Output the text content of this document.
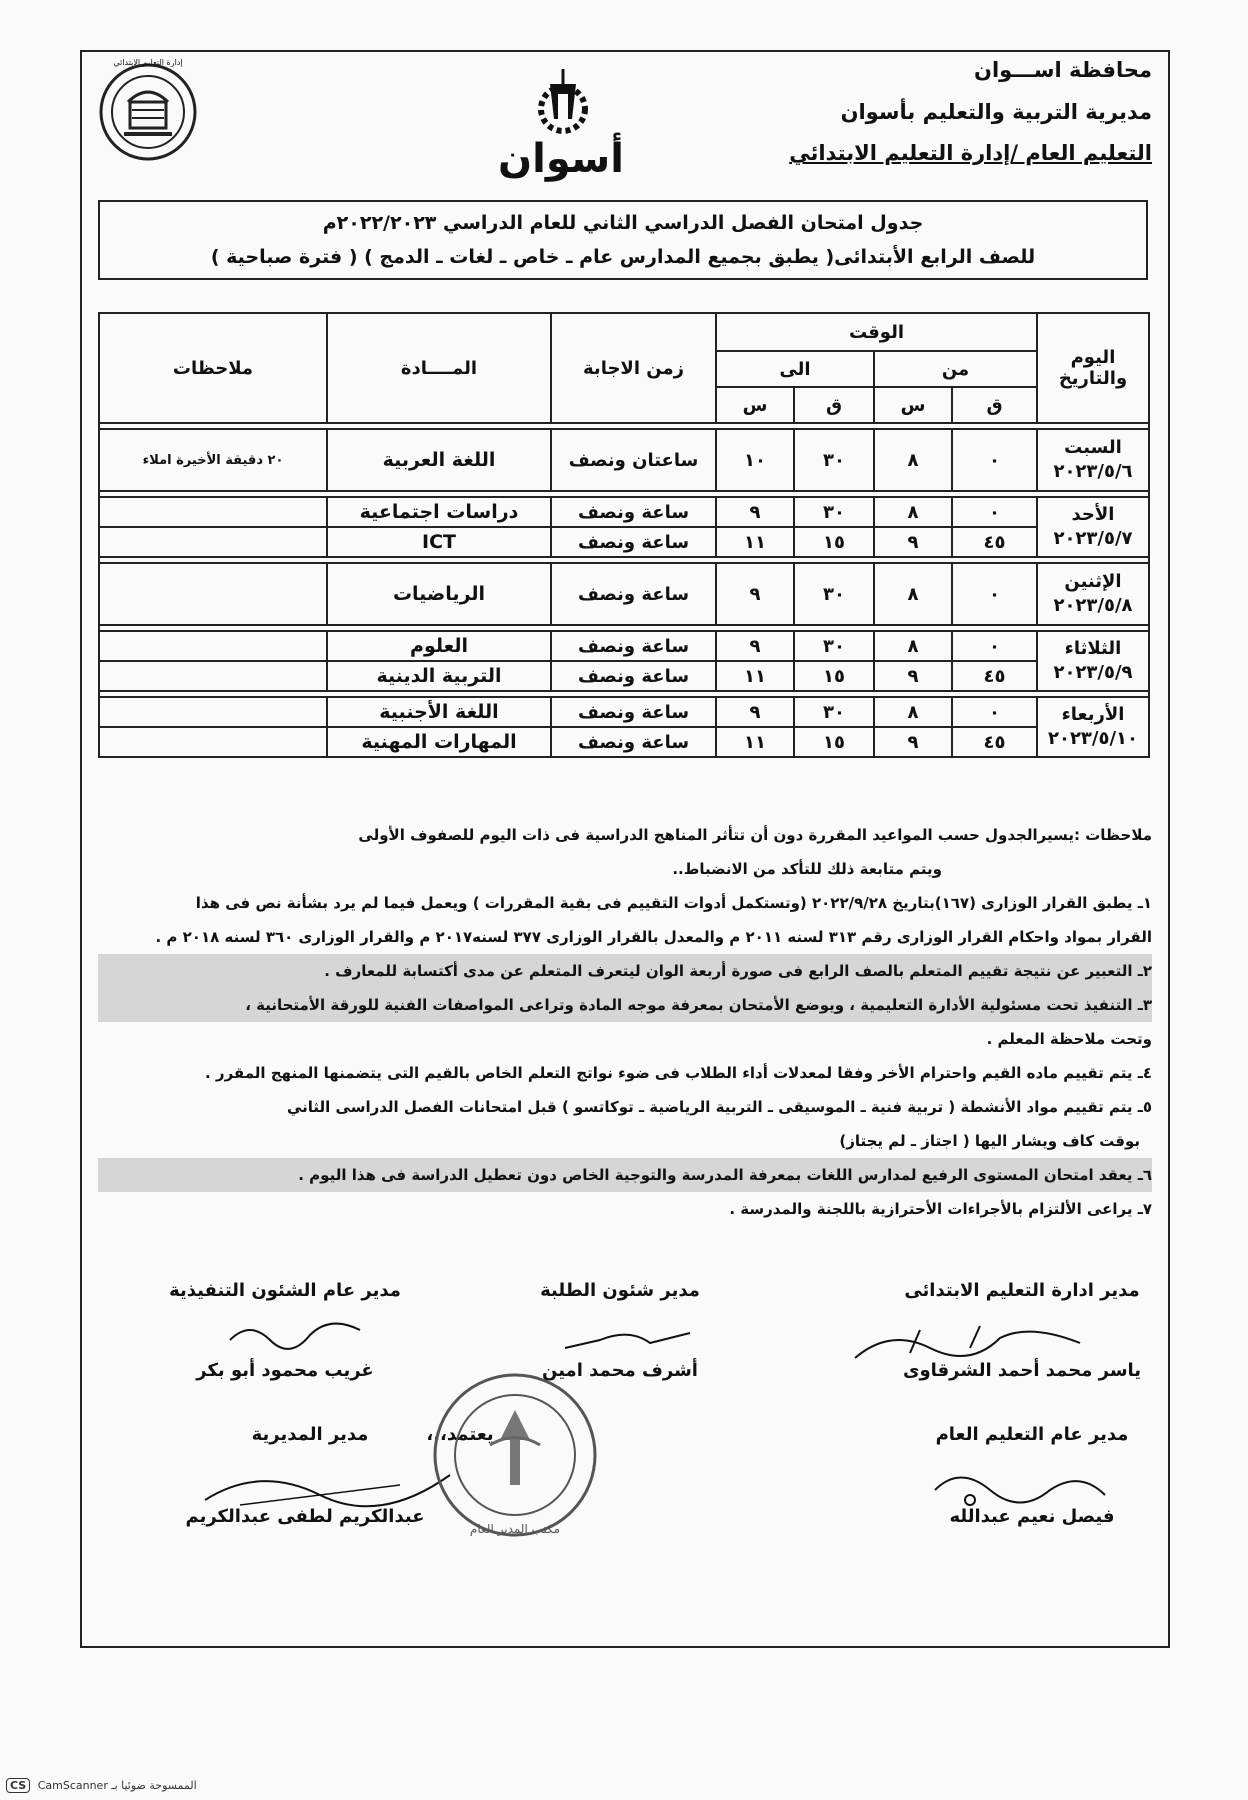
إدارة التعليم الابتدائي
أسوان
محافظة اســـوان
مديرية التربية والتعليم بأسوان
التعليم العام /إدارة التعليم الابتدائي
جدول امتحان الفصل الدراسي الثاني للعام الدراسي ٢٠٢٢/٢٠٢٣م
للصف الرابع الأبتدائى( يطبق بجميع المدارس عام ـ خاص ـ لغات ـ الدمج ) ( فترة صباحية )
اليوم والتاريخ	الوقت				زمن الاجابة	المــــادة	ملاحظات
	من		الى				
	ق	س	ق	س			

السبت
٢٠٢٣/٥/٦	٠	٨	٣٠	١٠	ساعتان ونصف	اللغة العربية	٢٠ دقيقة الأخيرة املاء

الأحد
٢٠٢٣/٥/٧	٠	٨	٣٠	٩	ساعة ونصف	دراسات اجتماعية	
	٤٥	٩	١٥	١١	ساعة ونصف	ICT	

الإثنين
٢٠٢٣/٥/٨	٠	٨	٣٠	٩	ساعة ونصف	الرياضيات	

الثلاثاء
٢٠٢٣/٥/٩	٠	٨	٣٠	٩	ساعة ونصف	العلوم	
	٤٥	٩	١٥	١١	ساعة ونصف	التربية الدينية	

الأربعاء
٢٠٢٣/٥/١٠	٠	٨	٣٠	٩	ساعة ونصف	اللغة الأجنبية	
	٤٥	٩	١٥	١١	ساعة ونصف	المهارات المهنية	

ملاحظات :يسيرالجدول حسب المواعيد المقررة دون أن تتأثر المناهج الدراسية فى ذات اليوم للصفوف الأولى

ويتم متابعة ذلك للتأكد من الانضباط..

١ـ يطبق القرار الوزارى (١٦٧)بتاريخ ٢٠٢٢/٩/٢٨ (وتستكمل أدوات التقييم فى بقية المقررات ) ويعمل فيما لم يرد بشأنة نص فى هذا

القرار بمواد واحكام القرار الوزارى رقم ٣١٣ لسنه ٢٠١١ م والمعدل بالقرار الوزارى ٣٧٧ لسنه٢٠١٧ م والقرار الوزارى ٣٦٠ لسنه ٢٠١٨ م .

٢ـ التعبير عن نتيجة تقييم المتعلم بالصف الرابع فى صورة أربعة الوان ليتعرف المتعلم عن مدى أكتسابة للمعارف .

٣ـ التنفيذ تحت مسئولية الأدارة التعليمية ، ويوضع الأمتحان بمعرفة موجه المادة وتراعى المواصفات الفنية للورقة الأمتحانية ،

وتحت ملاحظة المعلم .

٤ـ يتم تقييم ماده القيم واحترام الأخر وفقا لمعدلات أداء الطلاب فى ضوء نواتج التعلم الخاص بالقيم التى يتضمنها المنهج المقرر .

٥ـ يتم تقييم مواد الأنشطة ( تربية فنية ـ الموسيقى ـ التربية الرياضية ـ توكاتسو ) قبل امتحانات الفصل الدراسى الثاني

بوقت كاف ويشار اليها ( اجتاز ـ لم يجتاز)

٦ـ يعقد امتحان المستوى الرفيع لمدارس اللغات بمعرفة المدرسة والتوجية الخاص دون تعطيل الدراسة فى هذا اليوم .

٧ـ يراعى الألتزام بالأجراءات الأحترازية باللجنة والمدرسة .

مدير ادارة التعليم الابتدائى
ياسر محمد أحمد الشرقاوى
مدير شئون الطلبة
أشرف محمد امين
مدير عام الشئون التنفيذية
غريب محمود أبو بكر
مدير عام التعليم العام
فيصل نعيم عبدالله
يعتمد،،،
مدير المديرية
عبدالكريم لطفى عبدالكريم
مكتب المدير العام
CS CamScanner الممسوحة ضوئيا بـ
